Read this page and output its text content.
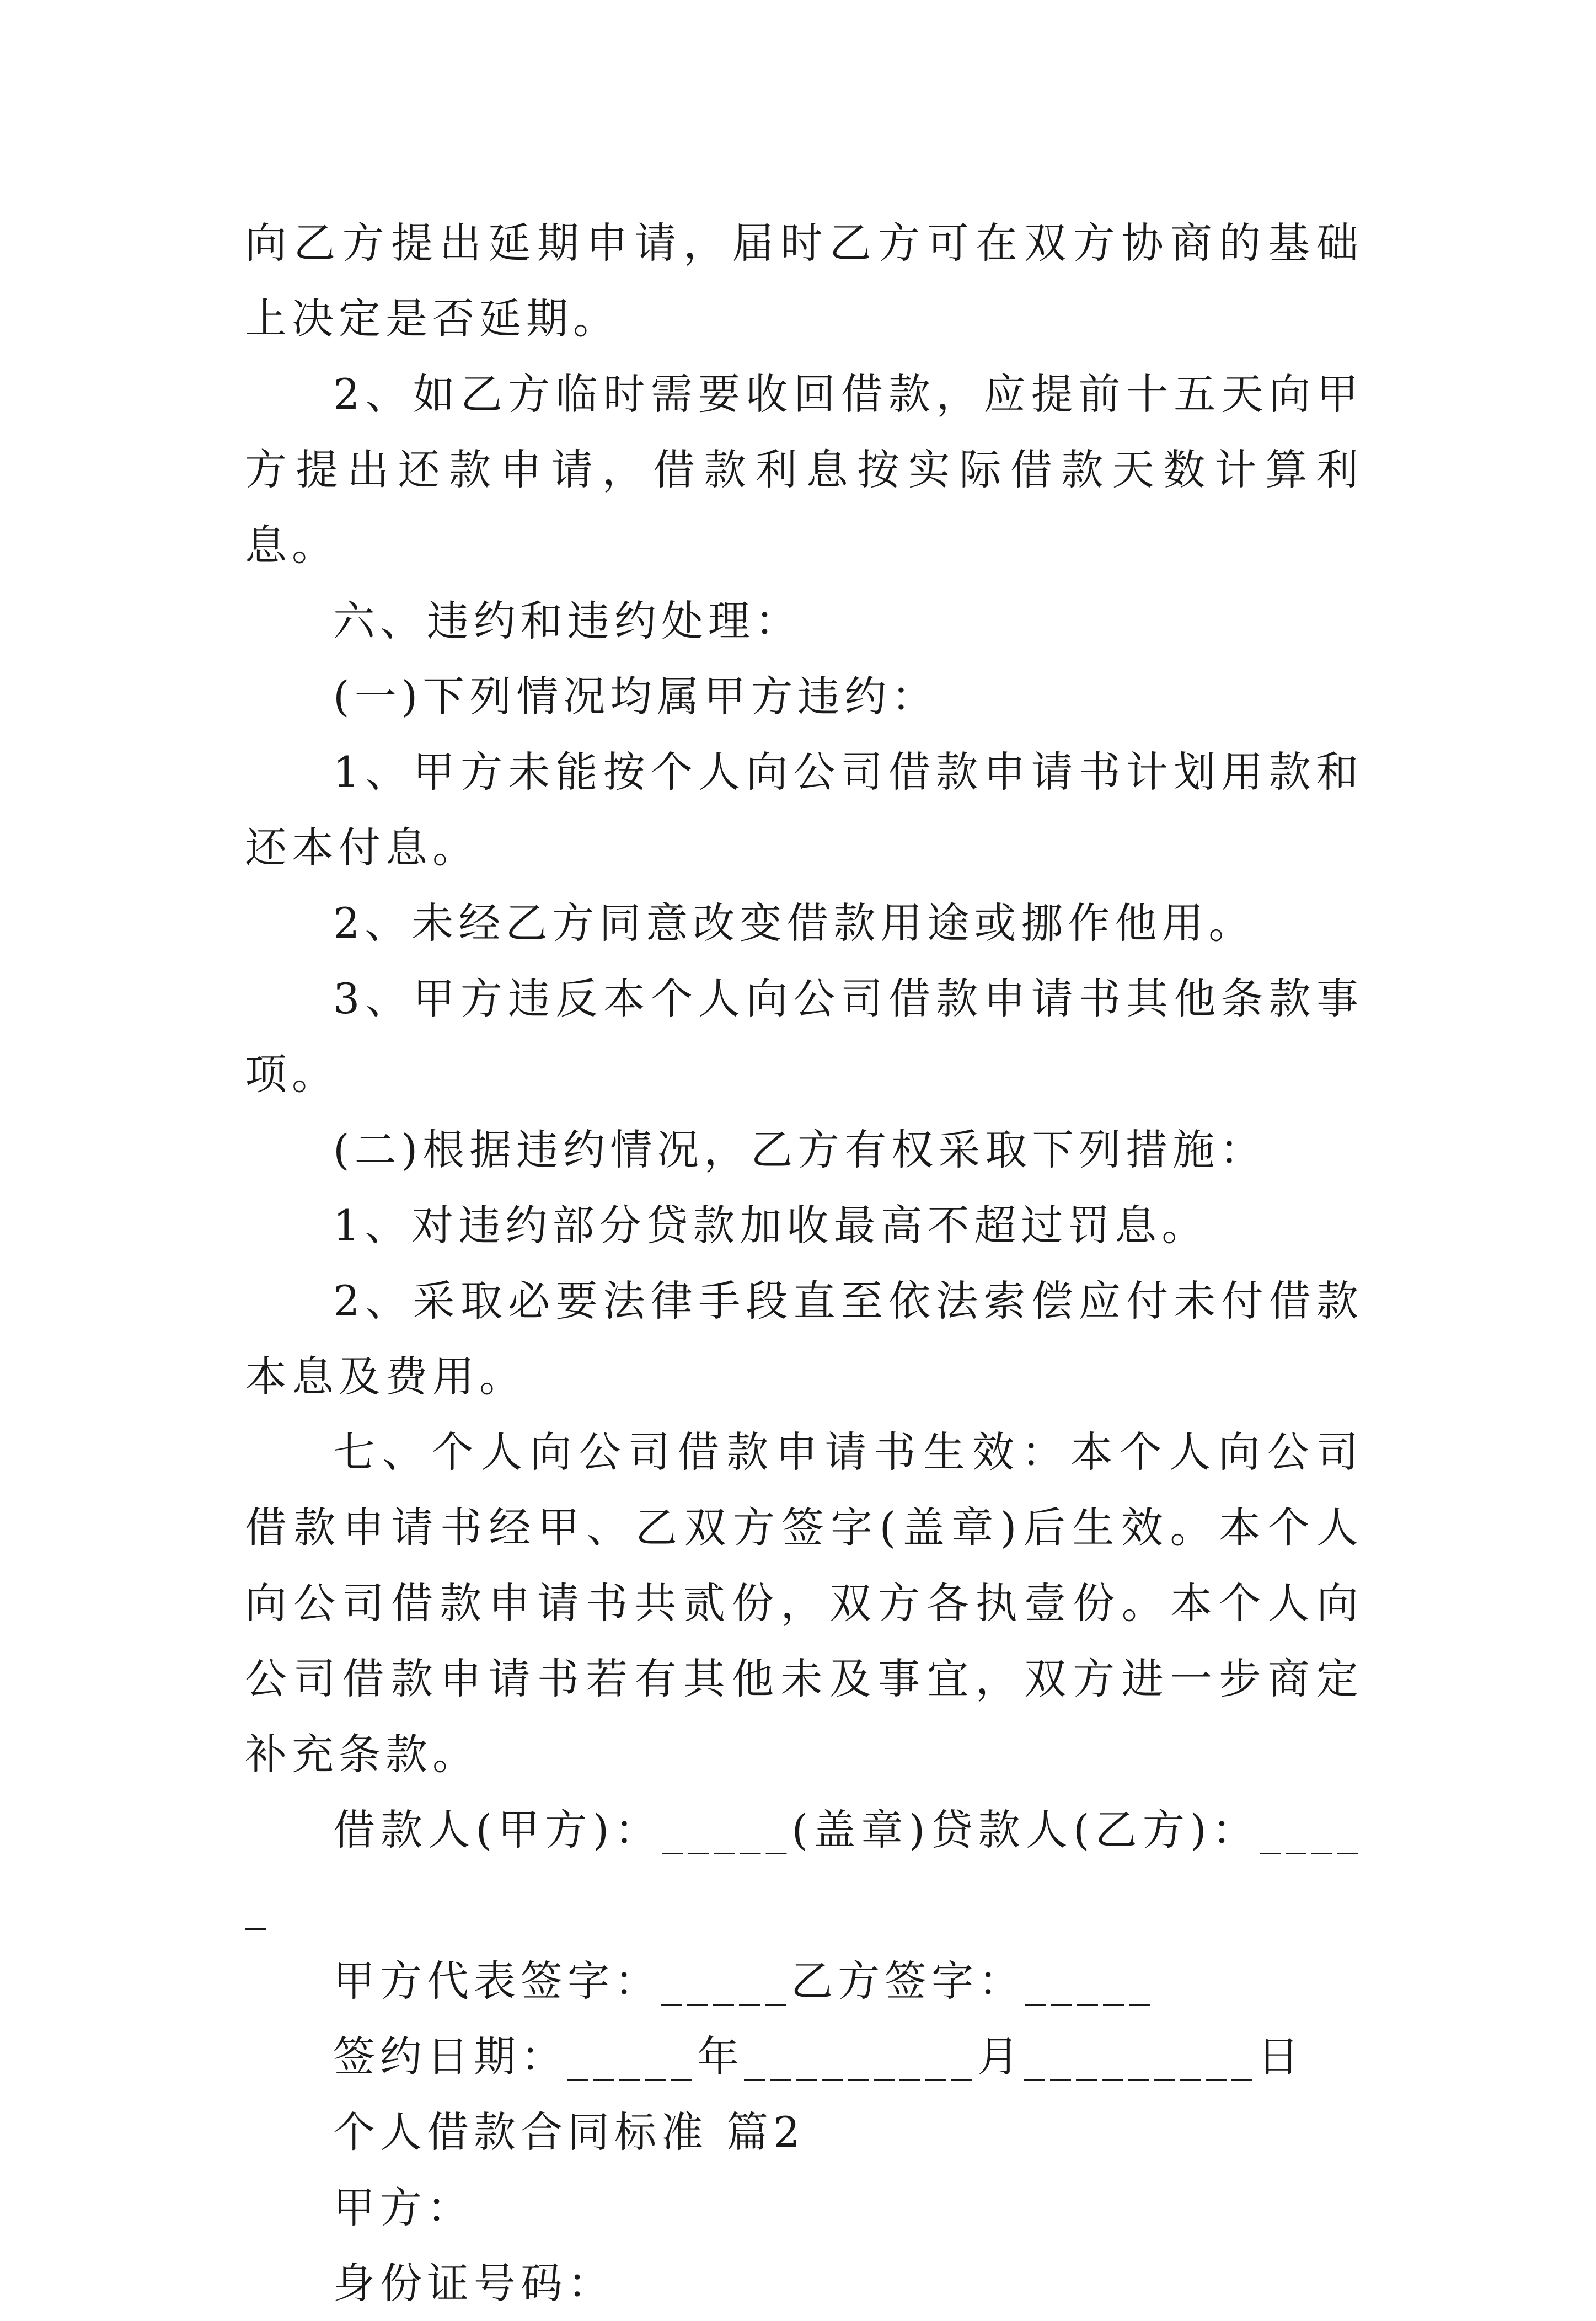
向乙方提出延期申请，届时乙方可在双方协商的基础上决定是否延期。

2、如乙方临时需要收回借款，应提前十五天向甲方提出还款申请，借款利息按实际借款天数计算利息。

六、违约和违约处理：

(一)下列情况均属甲方违约：

1、甲方未能按个人向公司借款申请书计划用款和还本付息。

2、未经乙方同意改变借款用途或挪作他用。

3、甲方违反本个人向公司借款申请书其他条款事项。

(二)根据违约情况，乙方有权采取下列措施：

1、对违约部分贷款加收最高不超过罚息。

2、采取必要法律手段直至依法索偿应付未付借款本息及费用。

七、个人向公司借款申请书生效：本个人向公司借款申请书经甲、乙双方签字(盖章)后生效。本个人向公司借款申请书共贰份，双方各执壹份。本个人向公司借款申请书若有其他未及事宜，双方进一步商定补充条款。

借款人(甲方)：_____(盖章)贷款人(乙方)：_____

甲方代表签字：_____乙方签字：_____

签约日期：_____年_________月_________日

个人借款合同标准 篇2

甲方：

身份证号码：
